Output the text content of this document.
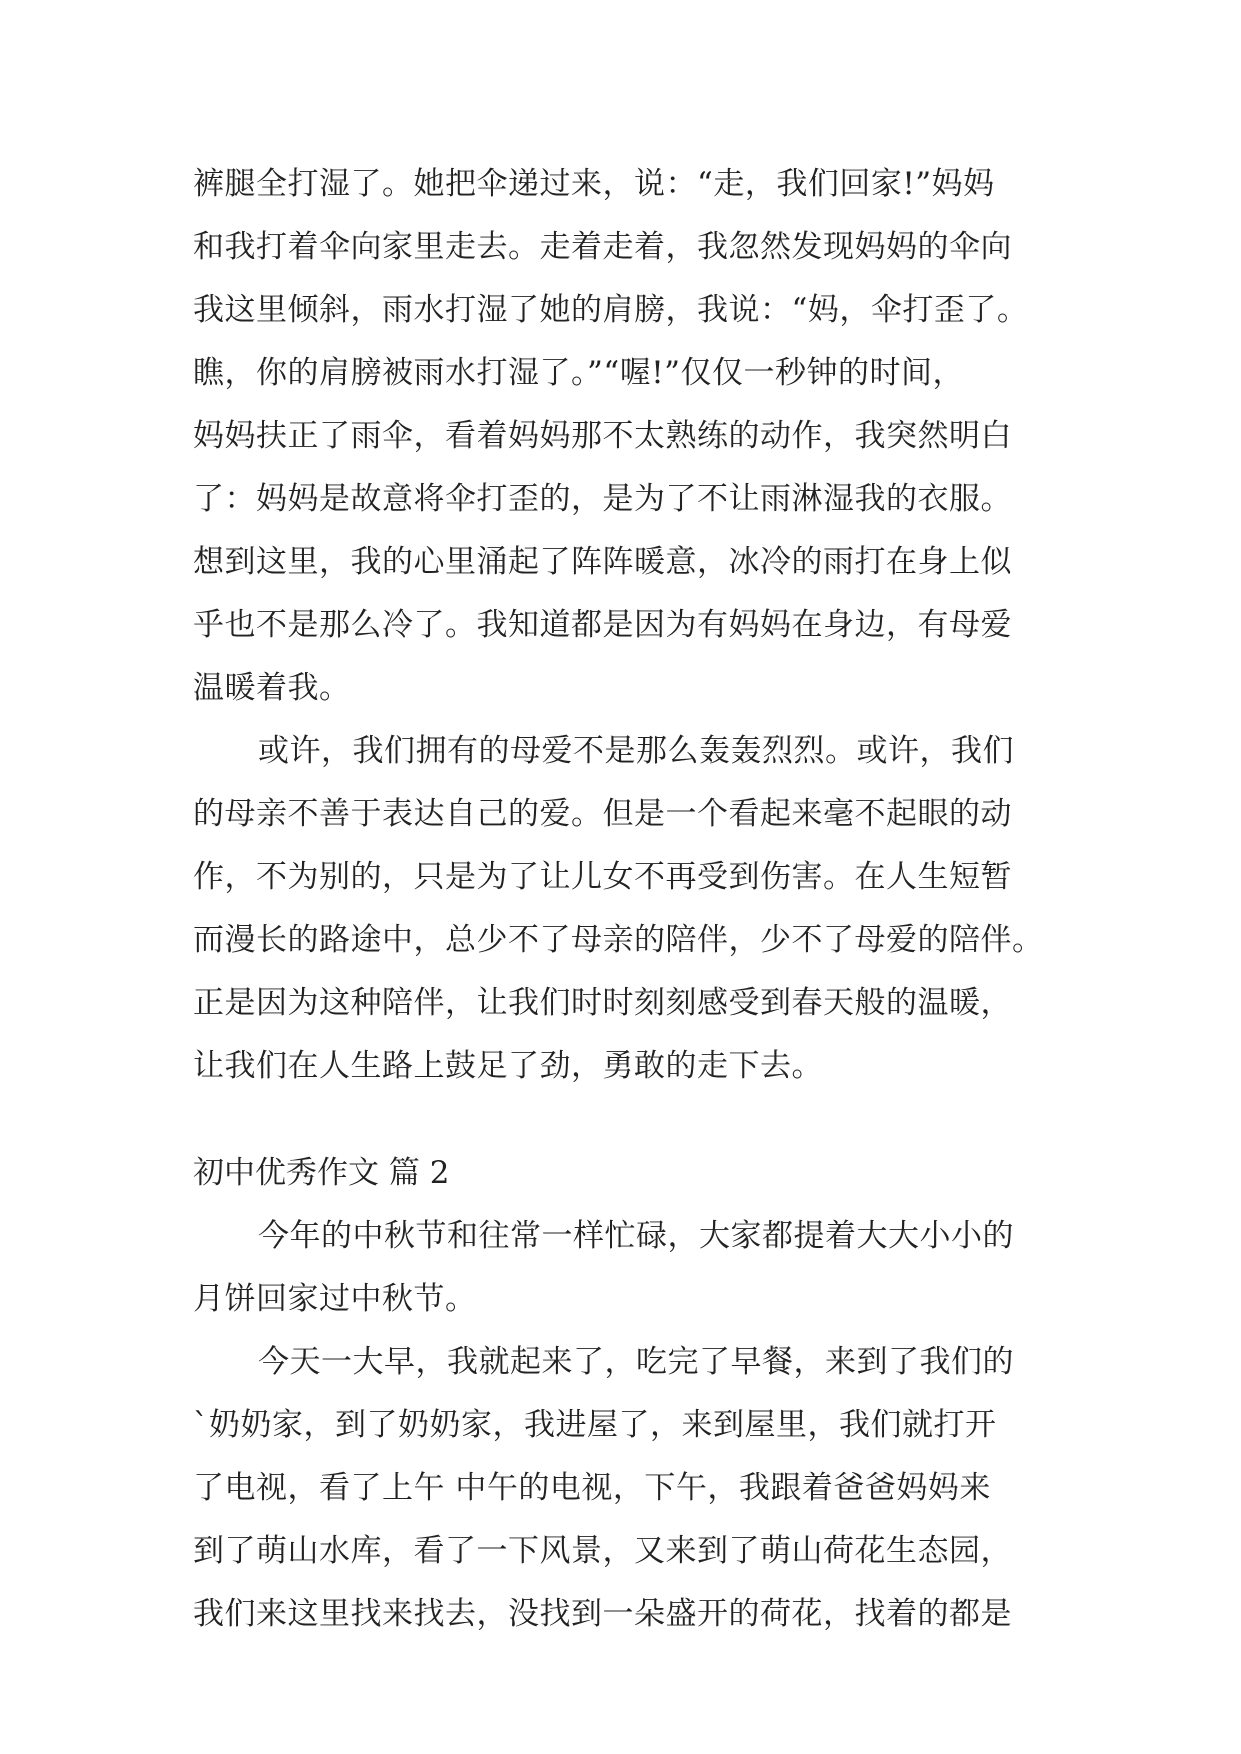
裤腿全打湿了。她把伞递过来，说：“走，我们回家!”妈妈
和我打着伞向家里走去。走着走着，我忽然发现妈妈的伞向
我这里倾斜，雨水打湿了她的肩膀，我说：“妈，伞打歪了。
瞧，你的肩膀被雨水打湿了。”“喔!”仅仅一秒钟的时间，
妈妈扶正了雨伞，看着妈妈那不太熟练的动作，我突然明白
了：妈妈是故意将伞打歪的，是为了不让雨淋湿我的衣服。
想到这里，我的心里涌起了阵阵暖意，冰冷的雨打在身上似
乎也不是那么冷了。我知道都是因为有妈妈在身边，有母爱
温暖着我。
或许，我们拥有的母爱不是那么轰轰烈烈。或许，我们
的母亲不善于表达自己的爱。但是一个看起来毫不起眼的动
作，不为别的，只是为了让儿女不再受到伤害。在人生短暂
而漫长的路途中，总少不了母亲的陪伴，少不了母爱的陪伴。
正是因为这种陪伴，让我们时时刻刻感受到春天般的温暖，
让我们在人生路上鼓足了劲，勇敢的走下去。
初中优秀作文 篇 2
今年的中秋节和往常一样忙碌，大家都提着大大小小的
月饼回家过中秋节。
今天一大早，我就起来了，吃完了早餐，来到了我们的
`奶奶家，到了奶奶家，我进屋了，来到屋里，我们就打开
了电视，看了上午 中午的电视，下午，我跟着爸爸妈妈来
到了萌山水库，看了一下风景，又来到了萌山荷花生态园，
我们来这里找来找去，没找到一朵盛开的荷花，找着的都是
